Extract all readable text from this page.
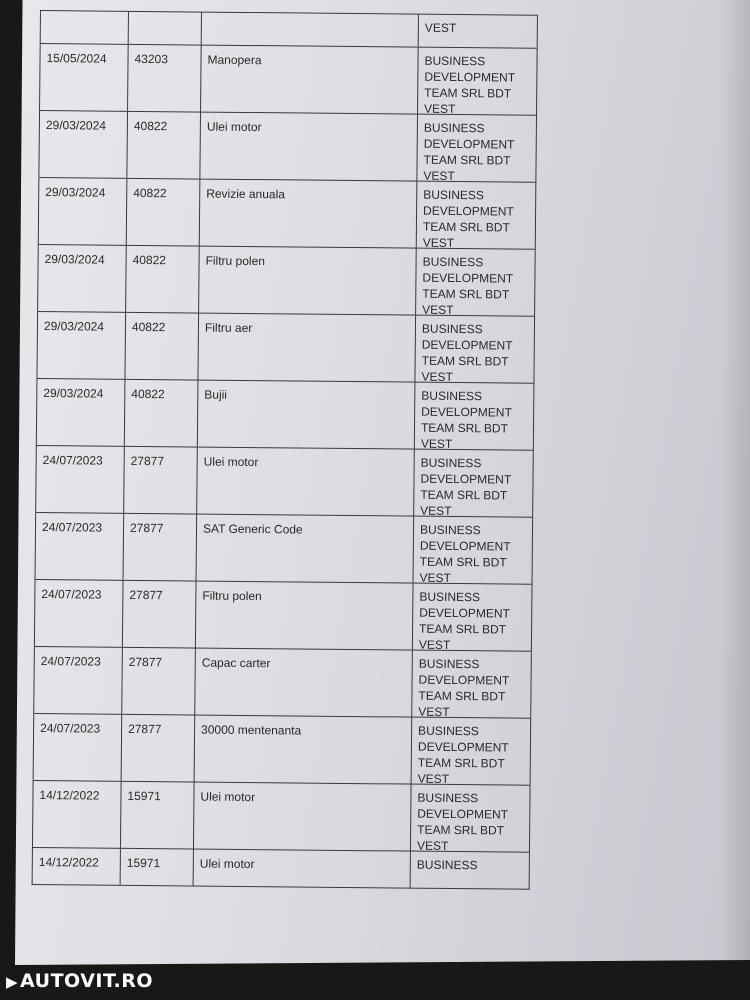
VEST
15/05/2024	43203	Manopera	BUSINESS
DEVELOPMENT
TEAM SRL BDT
VEST
29/03/2024	40822	Ulei motor	BUSINESS
DEVELOPMENT
TEAM SRL BDT
VEST
29/03/2024	40822	Revizie anuala	BUSINESS
DEVELOPMENT
TEAM SRL BDT
VEST
29/03/2024	40822	Filtru polen	BUSINESS
DEVELOPMENT
TEAM SRL BDT
VEST
29/03/2024	40822	Filtru aer	BUSINESS
DEVELOPMENT
TEAM SRL BDT
VEST
29/03/2024	40822	Bujii	BUSINESS
DEVELOPMENT
TEAM SRL BDT
VEST
24/07/2023	27877	Ulei motor	BUSINESS
DEVELOPMENT
TEAM SRL BDT
VEST
24/07/2023	27877	SAT Generic Code	BUSINESS
DEVELOPMENT
TEAM SRL BDT
VEST
24/07/2023	27877	Filtru polen	BUSINESS
DEVELOPMENT
TEAM SRL BDT
VEST
24/07/2023	27877	Capac carter	BUSINESS
DEVELOPMENT
TEAM SRL BDT
VEST
24/07/2023	27877	30000 mentenanta	BUSINESS
DEVELOPMENT
TEAM SRL BDT
VEST
14/12/2022	15971	Ulei motor	BUSINESS
DEVELOPMENT
TEAM SRL BDT
VEST
14/12/2022	15971	Ulei motor	BUSINESS
▶ AUTOVIT.RO
